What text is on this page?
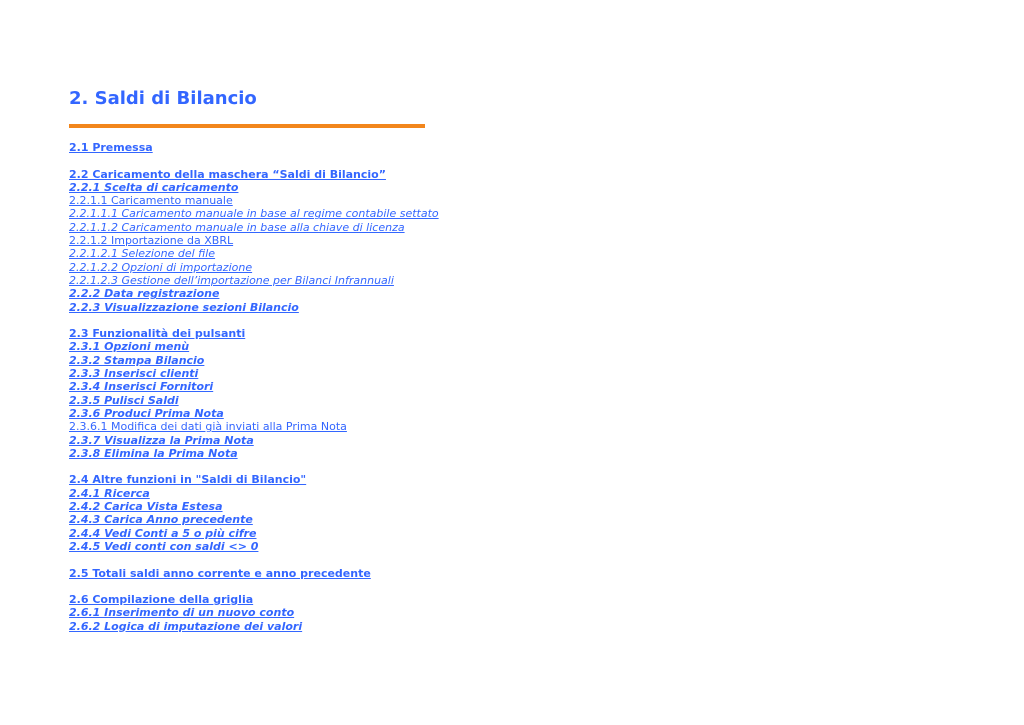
2. Saldi di Bilancio
2.1 Premessa
2.2 Caricamento della maschera “Saldi di Bilancio”
2.2.1 Scelta di caricamento
2.2.1.1 Caricamento manuale
2.2.1.1.1 Caricamento manuale in base al regime contabile settato
2.2.1.1.2 Caricamento manuale in base alla chiave di licenza
2.2.1.2 Importazione da XBRL
2.2.1.2.1 Selezione del file
2.2.1.2.2 Opzioni di importazione
2.2.1.2.3 Gestione dell’importazione per Bilanci Infrannuali
2.2.2 Data registrazione
2.2.3 Visualizzazione sezioni Bilancio
2.3 Funzionalità dei pulsanti
2.3.1 Opzioni menù
2.3.2 Stampa Bilancio
2.3.3 Inserisci clienti
2.3.4 Inserisci Fornitori
2.3.5 Pulisci Saldi
2.3.6 Produci Prima Nota
2.3.6.1 Modifica dei dati già inviati alla Prima Nota
2.3.7 Visualizza la Prima Nota
2.3.8 Elimina la Prima Nota
2.4 Altre funzioni in "Saldi di Bilancio"
2.4.1 Ricerca
2.4.2 Carica Vista Estesa
2.4.3 Carica Anno precedente
2.4.4 Vedi Conti a 5 o più cifre
2.4.5 Vedi conti con saldi <> 0
2.5 Totali saldi anno corrente e anno precedente
2.6 Compilazione della griglia
2.6.1 Inserimento di un nuovo conto
2.6.2 Logica di imputazione dei valori
